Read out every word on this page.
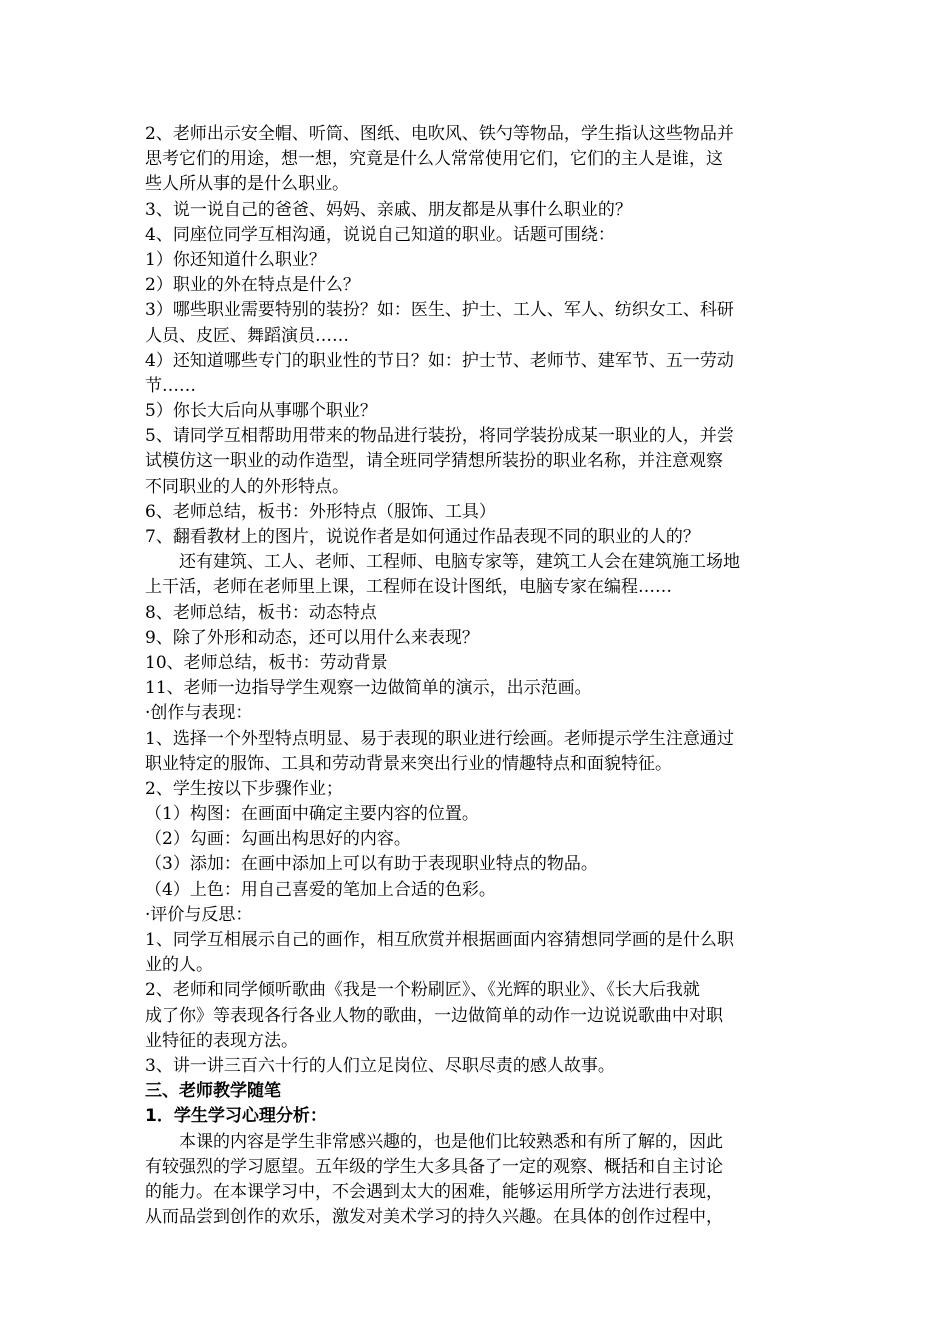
2、老师出示安全帽、听筒、图纸、电吹风、铁勺等物品，学生指认这些物品并
思考它们的用途，想一想，究竟是什么人常常使用它们，它们的主人是谁，这
些人所从事的是什么职业。
3、说一说自己的爸爸、妈妈、亲戚、朋友都是从事什么职业的？
4、同座位同学互相沟通，说说自己知道的职业。话题可围绕：
1）你还知道什么职业？
2）职业的外在特点是什么？
3）哪些职业需要特别的装扮？如：医生、护士、工人、军人、纺织女工、科研
人员、皮匠、舞蹈演员……
4）还知道哪些专门的职业性的节日？如：护士节、老师节、建军节、五一劳动
节……
5）你长大后向从事哪个职业？
5、请同学互相帮助用带来的物品进行装扮，将同学装扮成某一职业的人，并尝
试模仿这一职业的动作造型，请全班同学猜想所装扮的职业名称，并注意观察
不同职业的人的外形特点。
6、老师总结，板书：外形特点（服饰、工具）
7、翻看教材上的图片，说说作者是如何通过作品表现不同的职业的人的？
　　还有建筑、工人、老师、工程师、电脑专家等，建筑工人会在建筑施工场地
上干活，老师在老师里上课，工程师在设计图纸，电脑专家在编程……
8、老师总结，板书：动态特点
9、除了外形和动态，还可以用什么来表现？
10、老师总结，板书：劳动背景
11、老师一边指导学生观察一边做简单的演示，出示范画。
·创作与表现：
1、选择一个外型特点明显、易于表现的职业进行绘画。老师提示学生注意通过
职业特定的服饰、工具和劳动背景来突出行业的情趣特点和面貌特征。
2、学生按以下步骤作业；
（1）构图：在画面中确定主要内容的位置。
（2）勾画：勾画出构思好的内容。
（3）添加：在画中添加上可以有助于表现职业特点的物品。
（4）上色：用自己喜爱的笔加上合适的色彩。
·评价与反思：
1、同学互相展示自己的画作，相互欣赏并根据画面内容猜想同学画的是什么职
业的人。
2、老师和同学倾听歌曲《我是一个粉刷匠》、《光辉的职业》、《长大后我就
成了你》等表现各行各业人物的歌曲，一边做简单的动作一边说说歌曲中对职
业特征的表现方法。
3、讲一讲三百六十行的人们立足岗位、尽职尽责的感人故事。
三、老师教学随笔
1．学生学习心理分析：
　　本课的内容是学生非常感兴趣的，也是他们比较熟悉和有所了解的，因此
有较强烈的学习愿望。五年级的学生大多具备了一定的观察、概括和自主讨论
的能力。在本课学习中，不会遇到太大的困难，能够运用所学方法进行表现，
从而品尝到创作的欢乐，激发对美术学习的持久兴趣。在具体的创作过程中，
